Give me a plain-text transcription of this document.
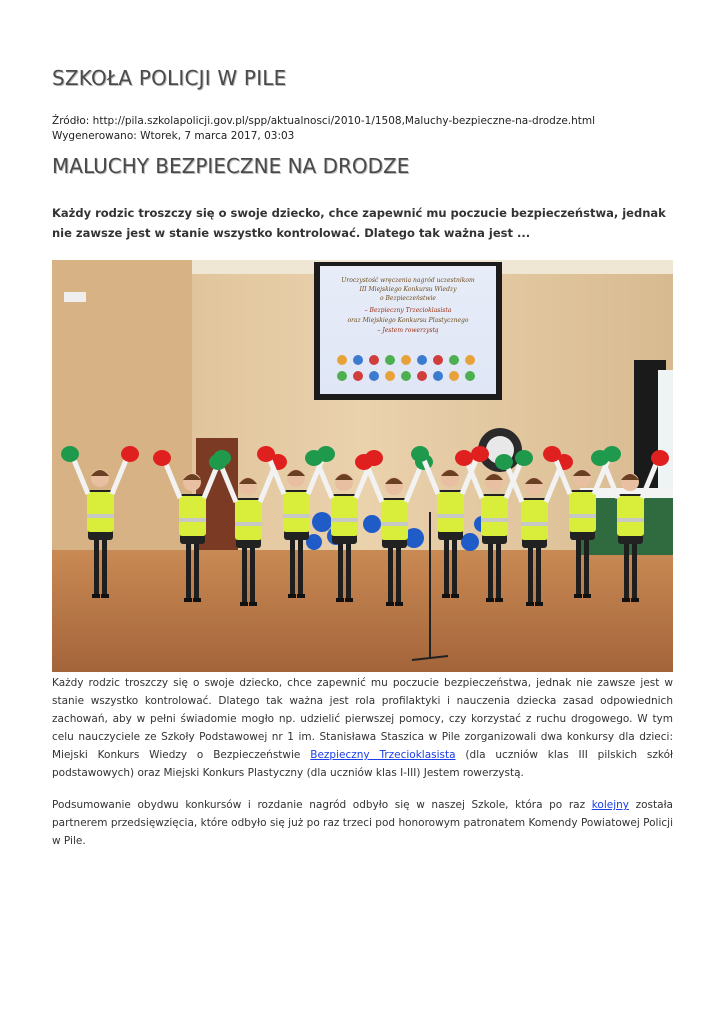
SZKOŁA POLICJI W PILE
Źródło: http://pila.szkolapolicji.gov.pl/spp/aktualnosci/2010-1/1508,Maluchy-bezpieczne-na-drodze.html
Wygenerowano: Wtorek, 7 marca 2017, 03:03
MALUCHY BEZPIECZNE NA DRODZE
Każdy rodzic troszczy się o swoje dziecko, chce zapewnić mu poczucie bezpieczeństwa, jednak nie zawsze jest w stanie wszystko kontrolować. Dlatego tak ważna jest ...
Uroczystość wręczenia nagród uczestnikom
III Miejskiego Konkursu Wiedzy
o Bezpieczeństwie
– Bezpieczny Trzecioklasista
oraz Miejskiego Konkursu Plastycznego
– Jestem rowerzystą

Każdy rodzic troszczy się o swoje dziecko, chce zapewnić mu poczucie bezpieczeństwa, jednak nie zawsze jest w stanie wszystko kontrolować. Dlatego tak ważna jest rola profilaktyki i nauczenia dziecka zasad odpowiednich zachowań, aby w pełni świadomie mogło np. udzielić pierwszej pomocy, czy korzystać z ruchu drogowego. W tym celu nauczyciele ze Szkoły Podstawowej nr 1 im. Stanisława Staszica w Pile zorganizowali dwa konkursy dla dzieci: Miejski Konkurs Wiedzy o Bezpieczeństwie Bezpieczny Trzecioklasista (dla uczniów klas III pilskich szkół podstawowych) oraz Miejski Konkurs Plastyczny (dla uczniów klas I-III) Jestem rowerzystą.

Podsumowanie obydwu konkursów i rozdanie nagród odbyło się w naszej Szkole, która po raz kolejny została partnerem przedsięwzięcia, które odbyło się już po raz trzeci pod honorowym patronatem Komendy Powiatowej Policji w Pile.
